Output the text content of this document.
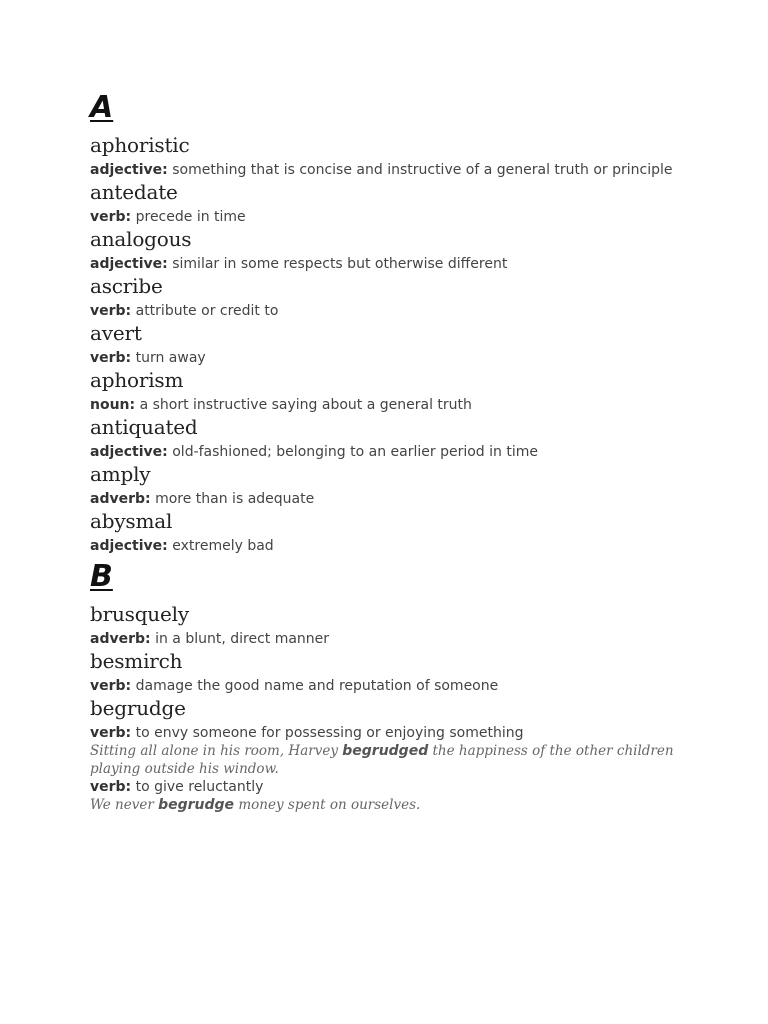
A
aphoristic
adjective: something that is concise and instructive of a general truth or principle
antedate
verb: precede in time
analogous
adjective: similar in some respects but otherwise different
ascribe
verb: attribute or credit to
avert
verb: turn away
aphorism
noun: a short instructive saying about a general truth
antiquated
adjective: old-fashioned; belonging to an earlier period in time
amply
adverb: more than is adequate
abysmal
adjective: extremely bad
B
brusquely
adverb: in a blunt, direct manner
besmirch
verb: damage the good name and reputation of someone
begrudge
verb: to envy someone for possessing or enjoying something
Sitting all alone in his room, Harvey begrudged the happiness of the other children playing outside his window.
verb: to give reluctantly
We never begrudge money spent on ourselves.
